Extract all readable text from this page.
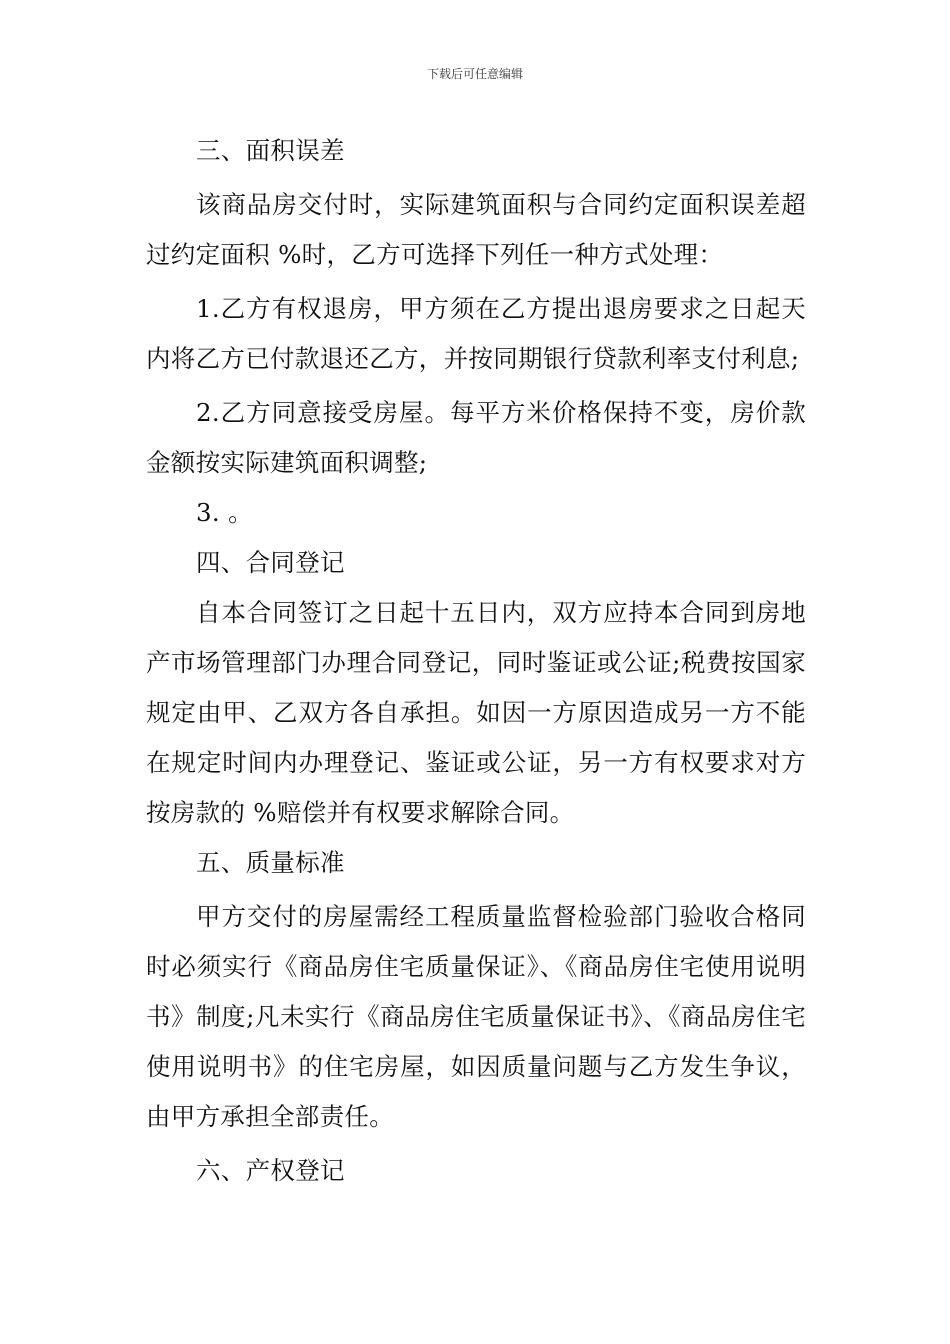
下载后可任意编辑

三、面积误差

该商品房交付时，实际建筑面积与合同约定面积误差超过约定面积 %时，乙方可选择下列任一种方式处理：

1.乙方有权退房，甲方须在乙方提出退房要求之日起天内将乙方已付款退还乙方，并按同期银行贷款利率支付利息;

2.乙方同意接受房屋。每平方米价格保持不变，房价款金额按实际建筑面积调整;

3. 。

四、合同登记

自本合同签订之日起十五日内，双方应持本合同到房地产市场管理部门办理合同登记，同时鉴证或公证;税费按国家规定由甲、乙双方各自承担。如因一方原因造成另一方不能在规定时间内办理登记、鉴证或公证，另一方有权要求对方按房款的 %赔偿并有权要求解除合同。

五、质量标准

甲方交付的房屋需经工程质量监督检验部门验收合格同时必须实行《商品房住宅质量保证》、《商品房住宅使用说明书》制度;凡未实行《商品房住宅质量保证书》、《商品房住宅使用说明书》的住宅房屋，如因质量问题与乙方发生争议，由甲方承担全部责任。

六、产权登记
